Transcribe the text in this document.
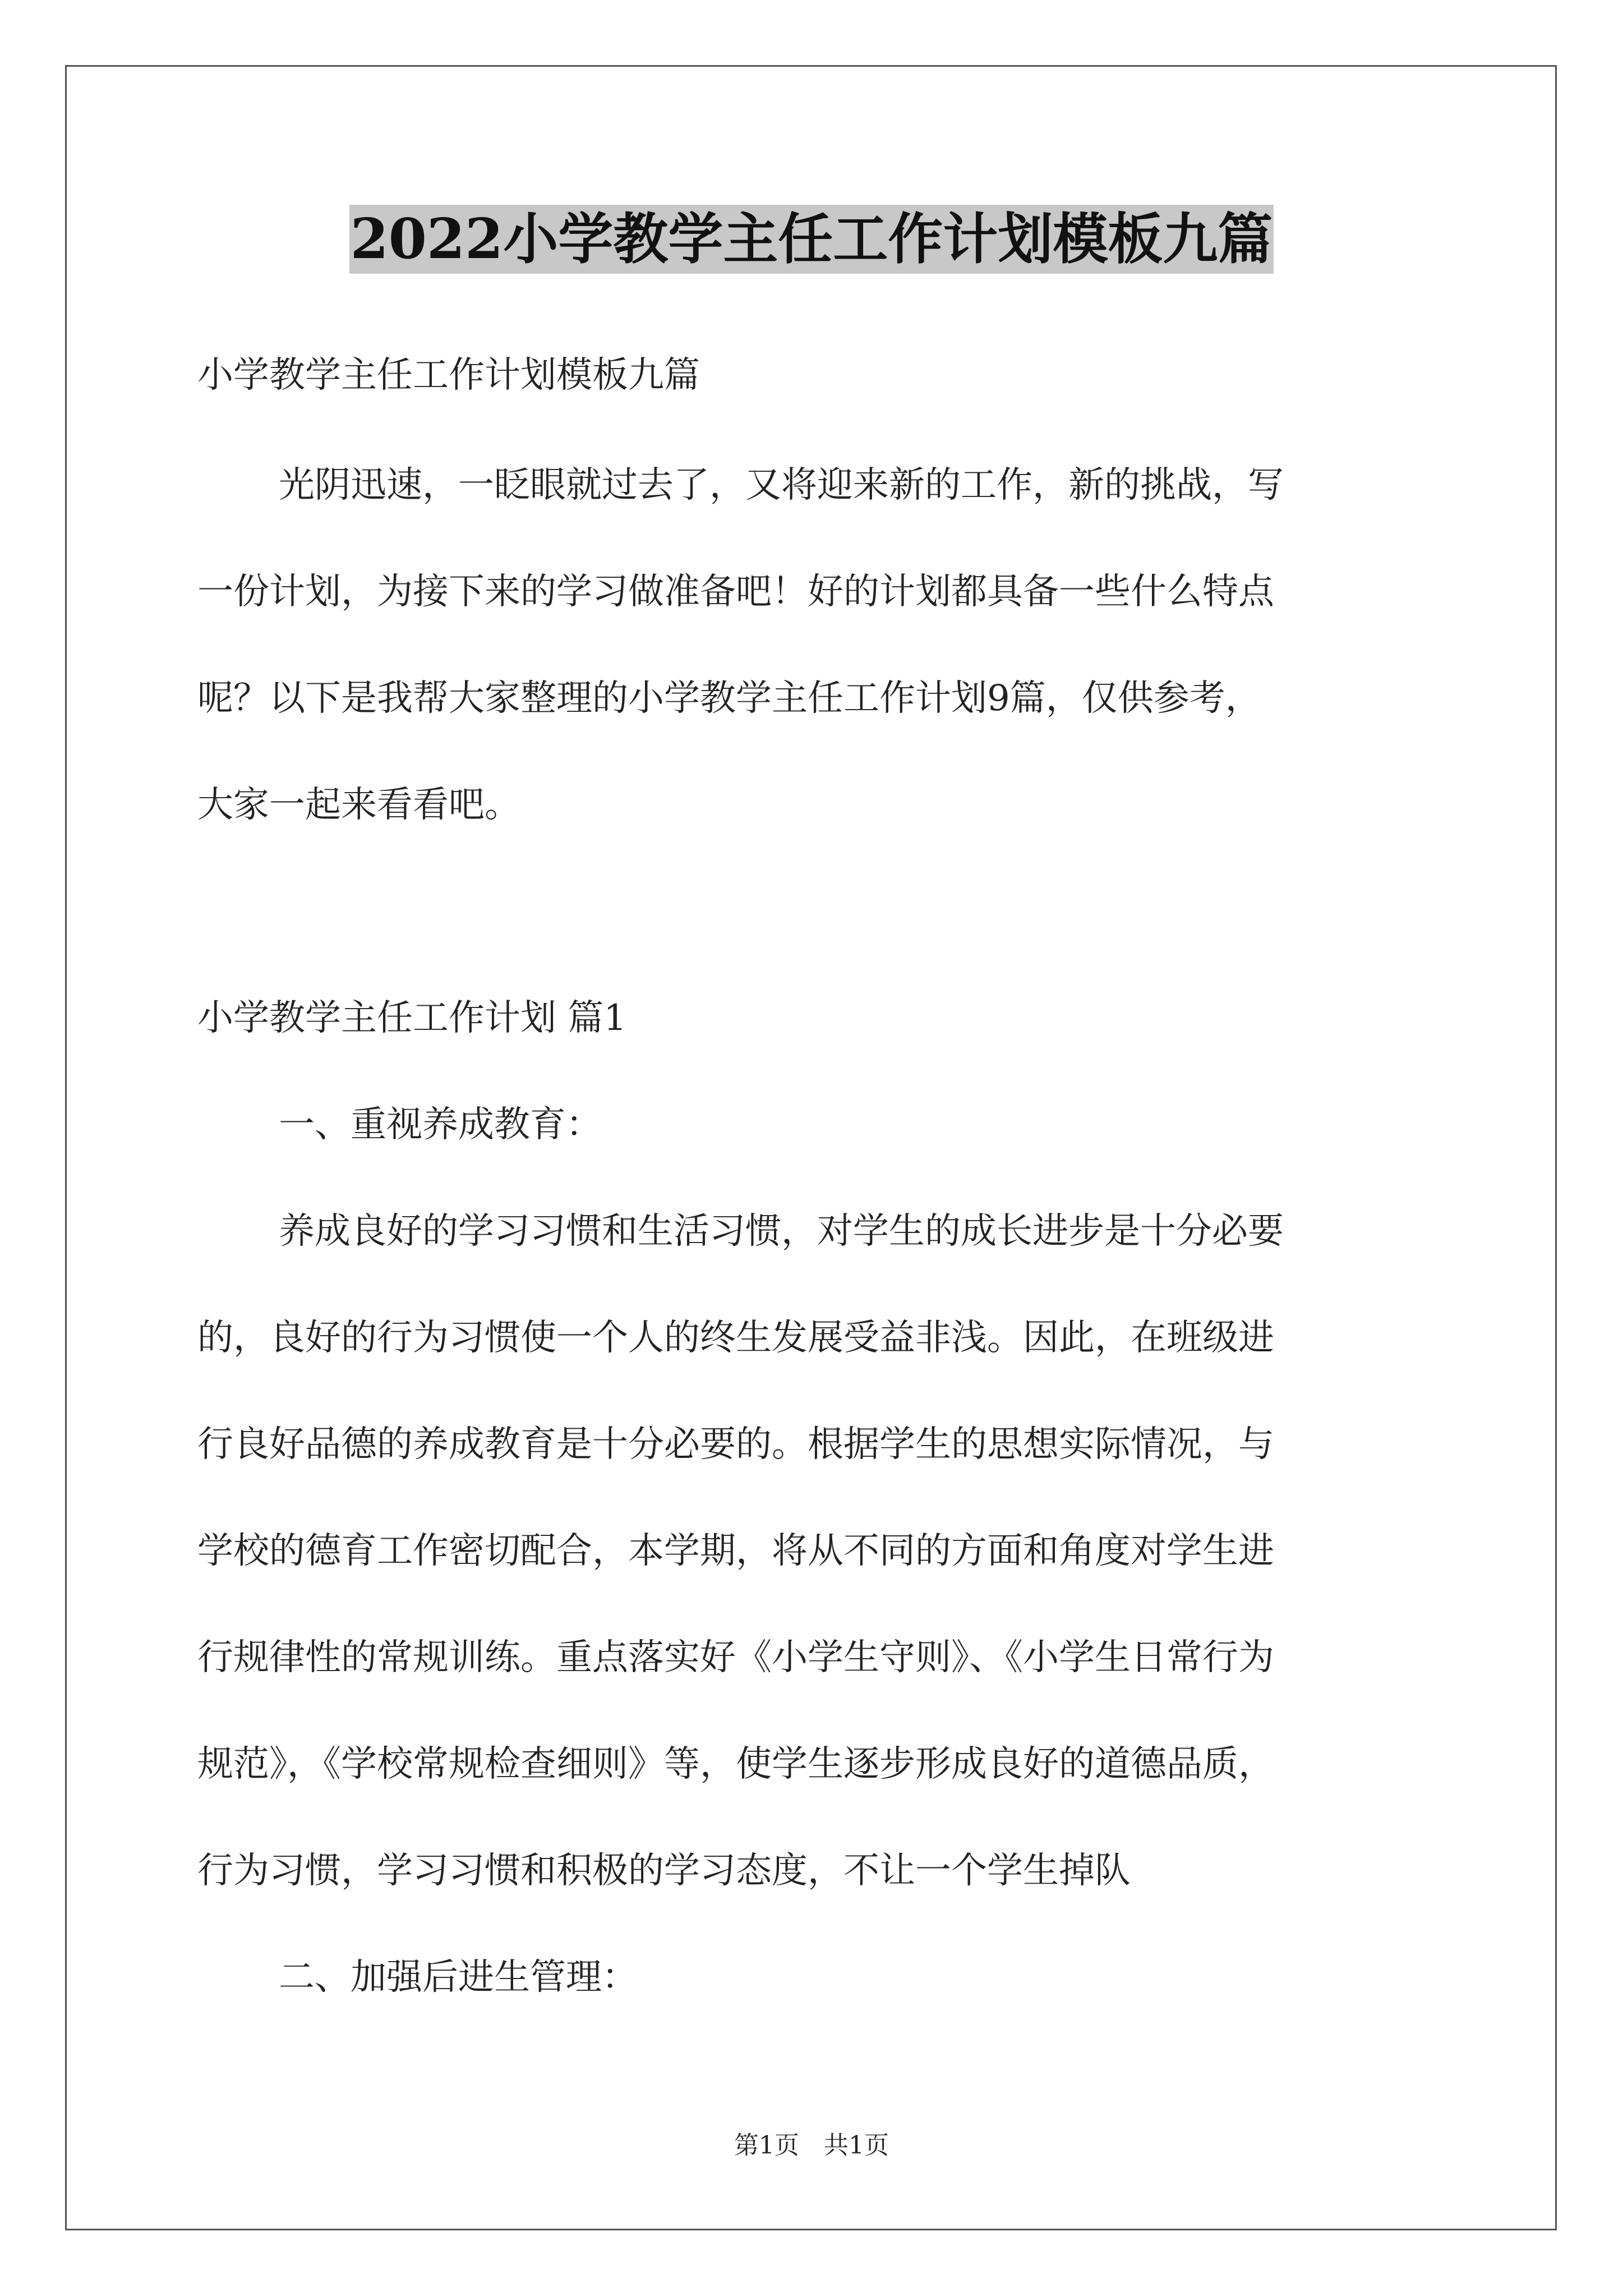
2022小学教学主任工作计划模板九篇
小学教学主任工作计划模板九篇
光阴迅速，一眨眼就过去了，又将迎来新的工作，新的挑战，写
一份计划，为接下来的学习做准备吧！好的计划都具备一些什么特点
呢？以下是我帮大家整理的小学教学主任工作计划9篇，仅供参考，
大家一起来看看吧。
小学教学主任工作计划 篇1
一、重视养成教育：
养成良好的学习习惯和生活习惯，对学生的成长进步是十分必要
的，良好的行为习惯使一个人的终生发展受益非浅。因此，在班级进
行良好品德的养成教育是十分必要的。根据学生的思想实际情况，与
学校的德育工作密切配合，本学期，将从不同的方面和角度对学生进
行规律性的常规训练。重点落实好《小学生守则》、《小学生日常行为
规范》，《学校常规检查细则》等，使学生逐步形成良好的道德品质，
行为习惯，学习习惯和积极的学习态度，不让一个学生掉队
二、加强后进生管理：
第1页 共1页
